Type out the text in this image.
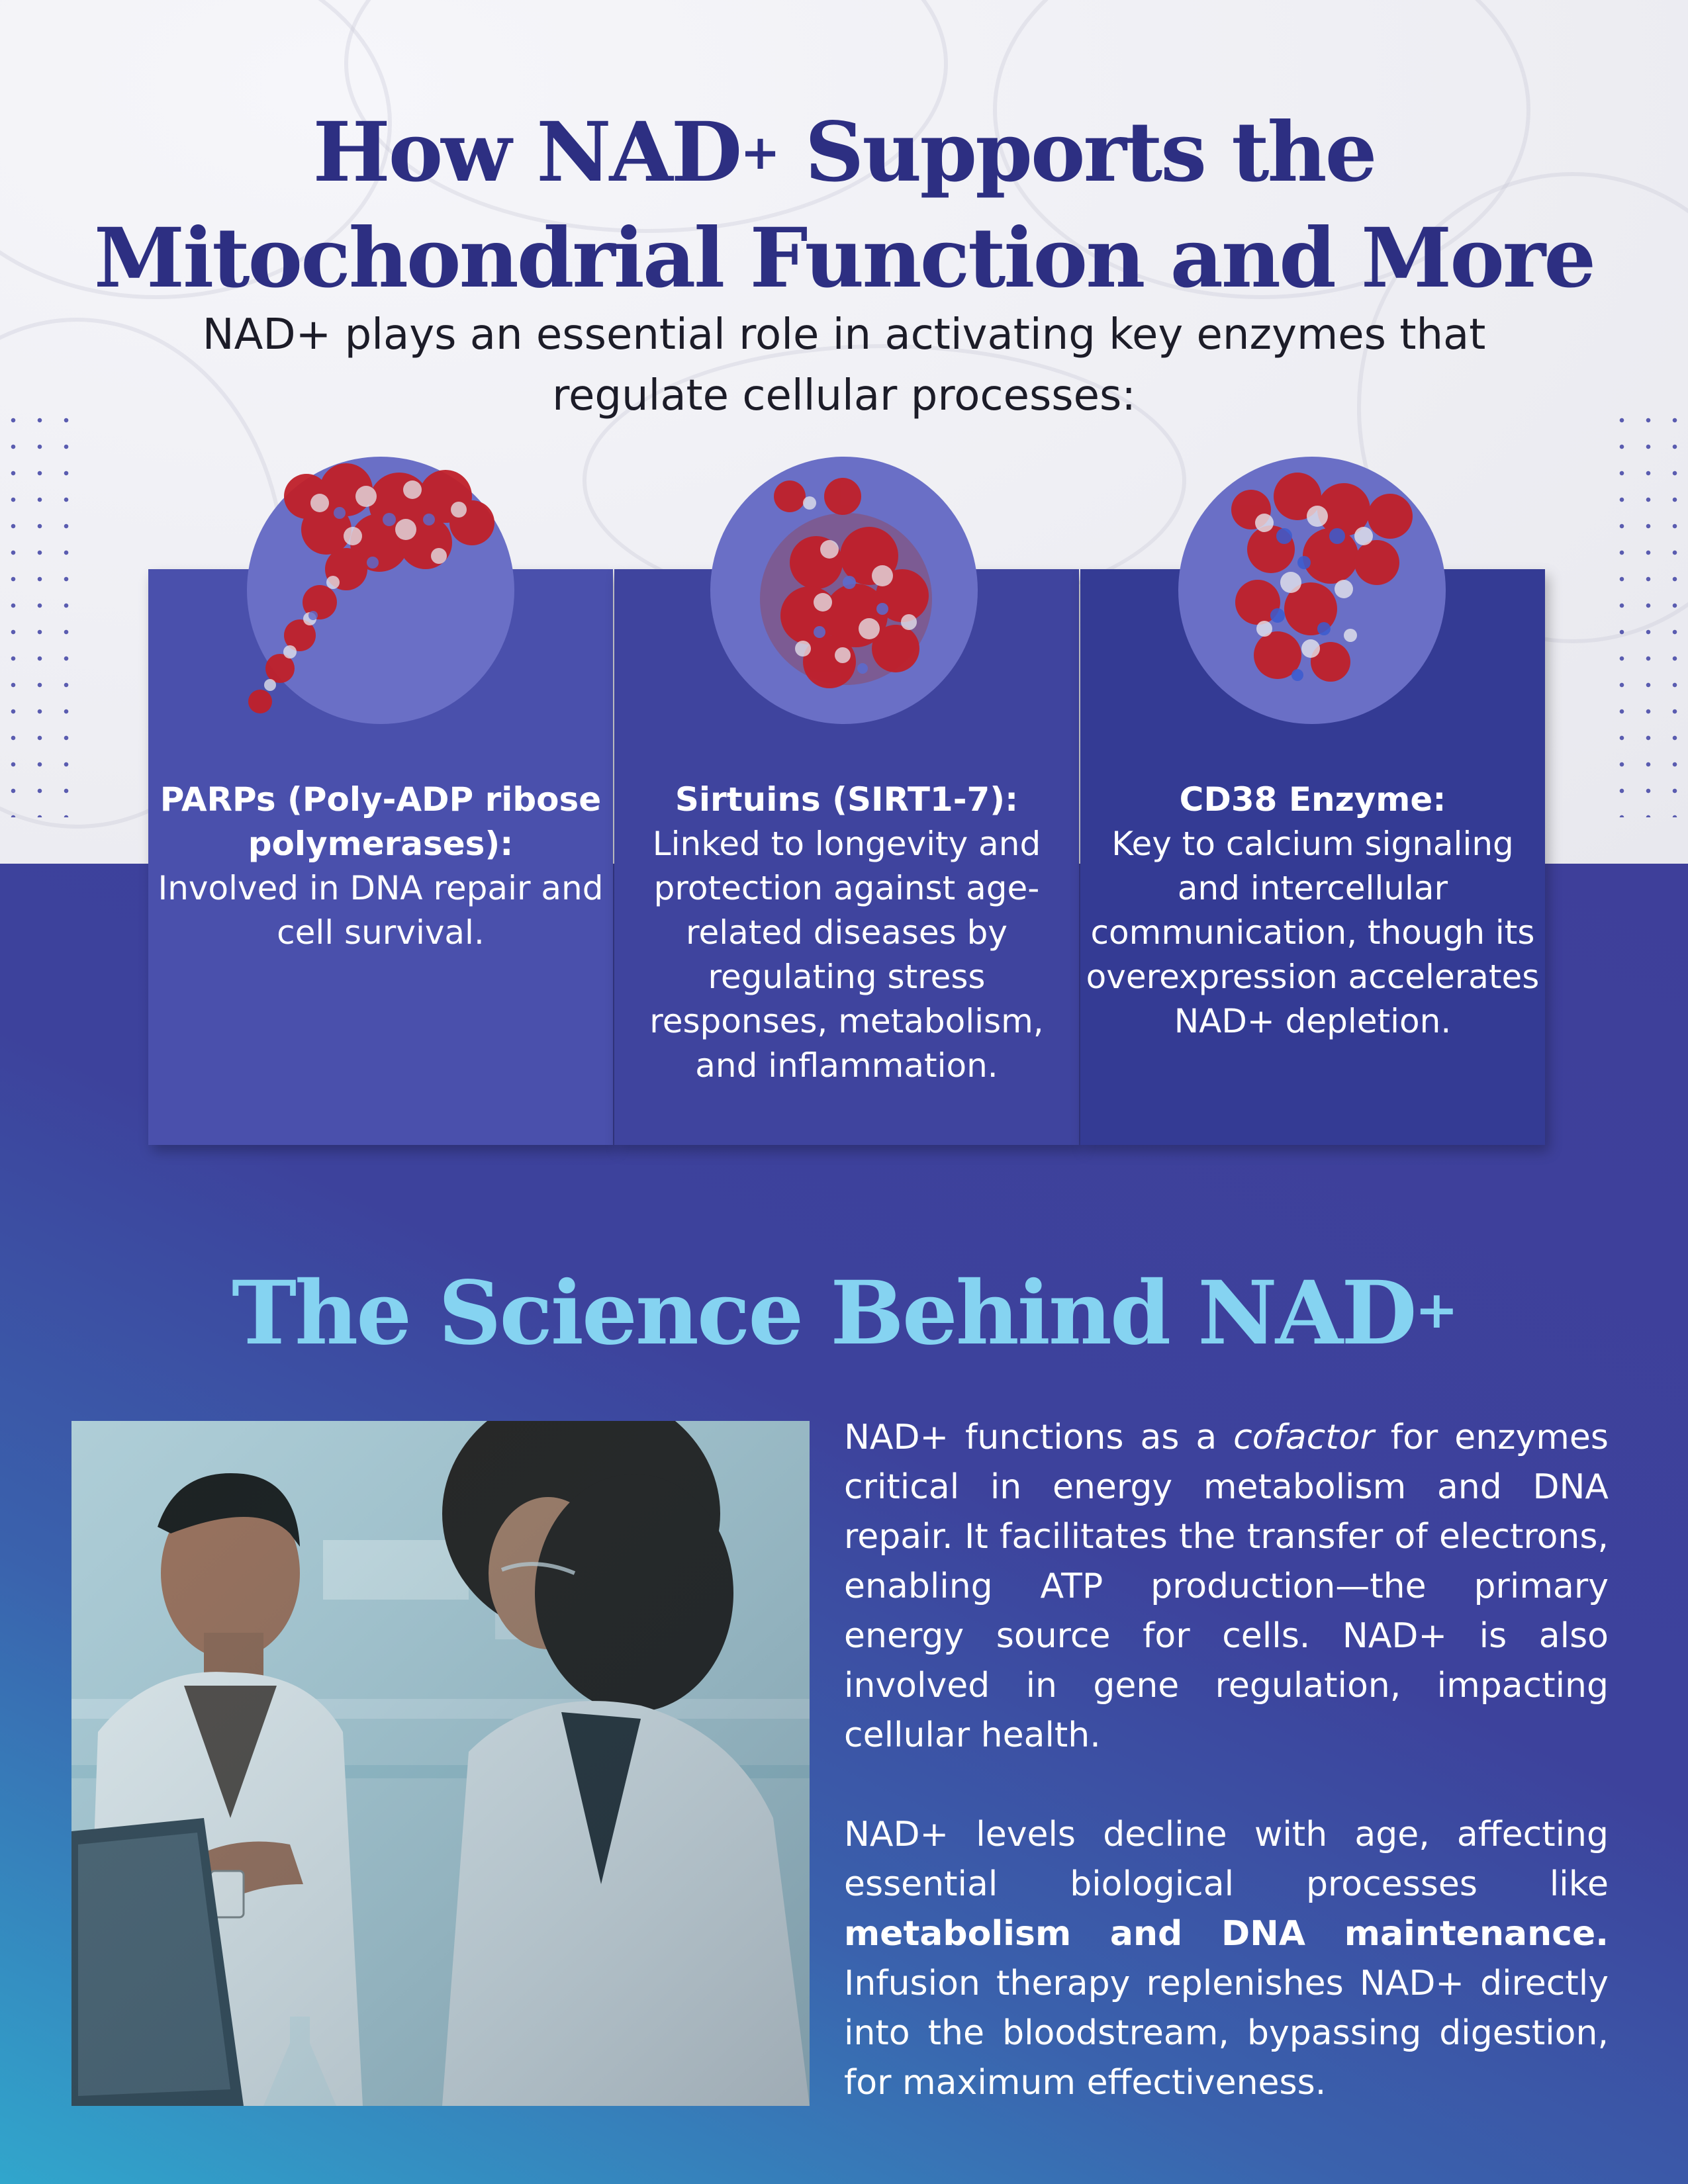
How NAD+ Supports the
Mitochondrial Function and More

NAD+ plays an essential role in activating key enzymes that regulate cellular processes:

PARPs (Poly-ADP ribose polymerases):
Involved in DNA repair and cell survival.
Sirtuins (SIRT1-7):
Linked to longevity and protection against age-related diseases by regulating stress responses, metabolism, and inflammation.
CD38 Enzyme:
Key to calcium signaling and intercellular communication, though its overexpression accelerates NAD+ depletion.
The Science Behind NAD+

NAD+ functions as a cofactor for enzymes critical in energy metabolism and DNA repair. It facilitates the transfer of electrons, enabling ATP production—the primary energy source for cells. NAD+ is also involved in gene regulation, impacting cellular health.

NAD+ levels decline with age, affecting essential biological processes like metabolism and DNA maintenance. Infusion therapy replenishes NAD+ directly into the bloodstream, bypassing digestion, for maximum effectiveness.
